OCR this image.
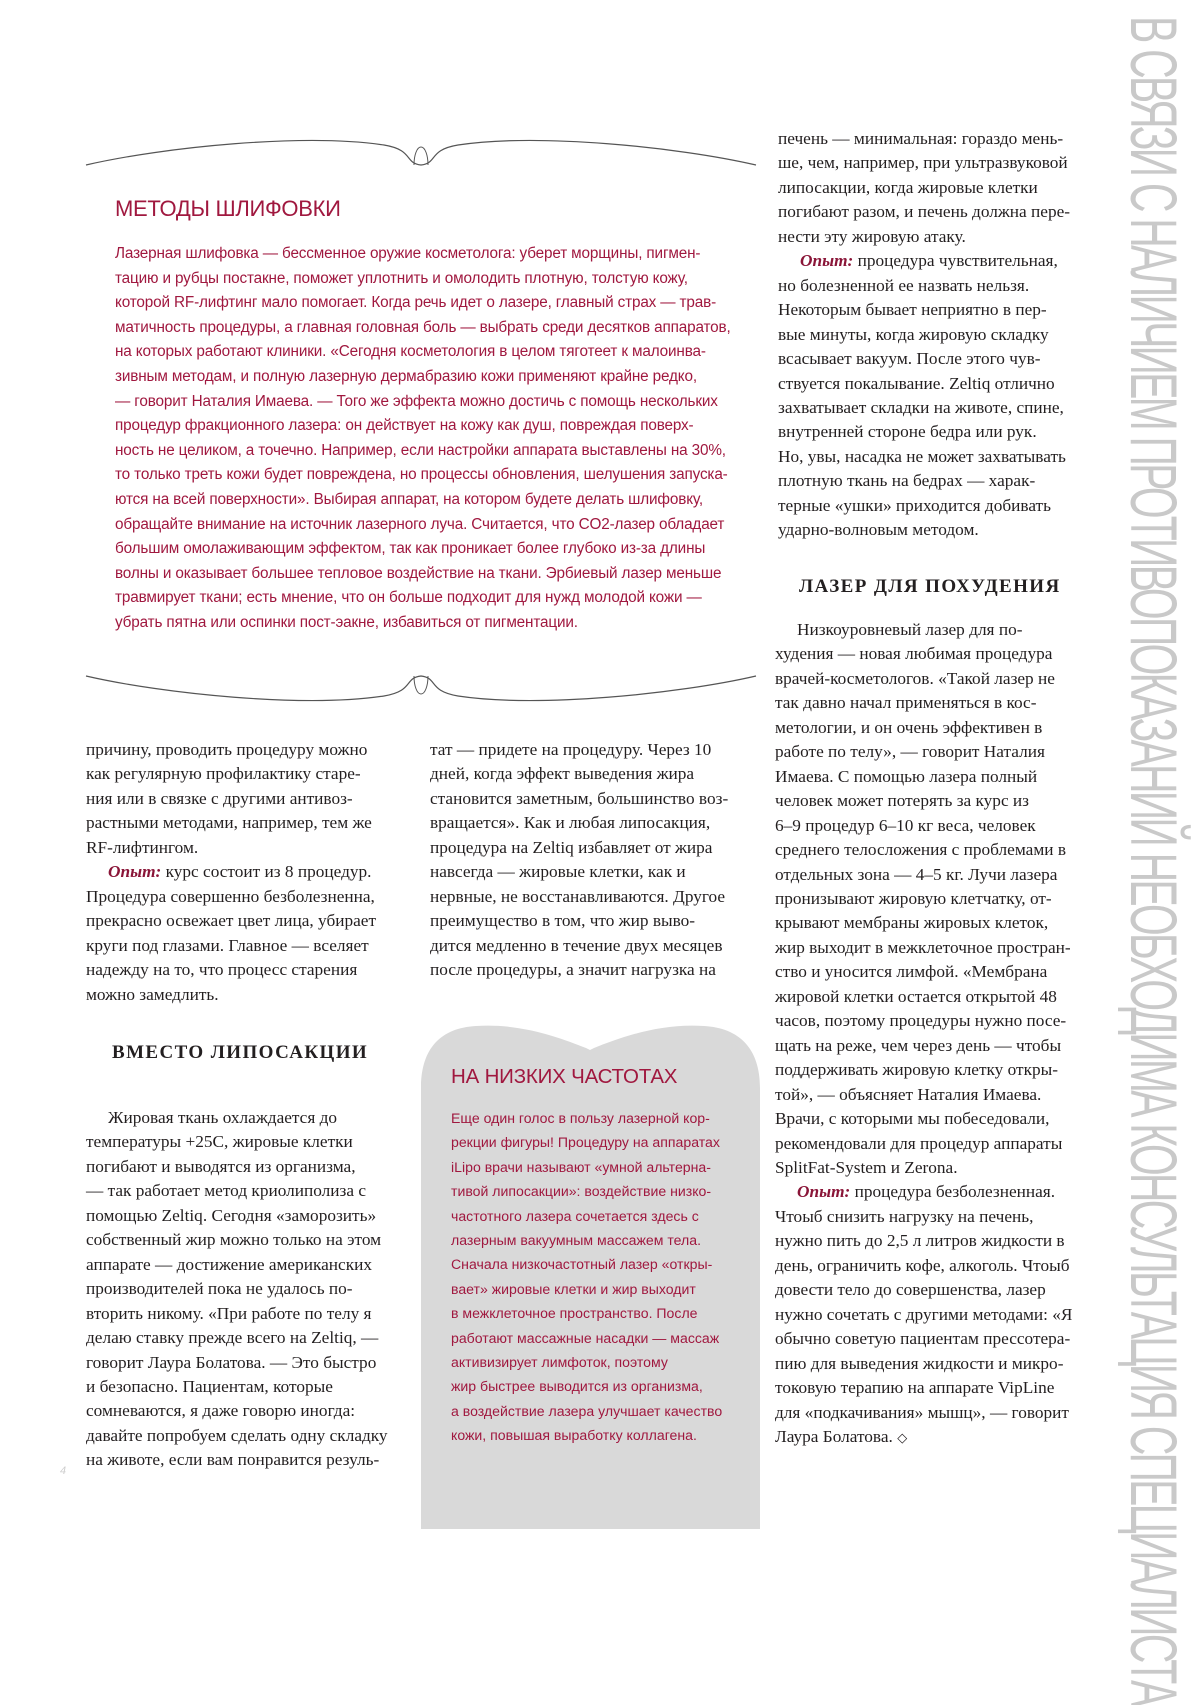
В СВЯЗИ С НАЛИЧИЕМ ПРОТИВОПОКАЗАНИЙ НЕОБХОДИМА КОНСУЛЬТАЦИЯ СПЕЦИАЛИСТА
МЕТОДЫ ШЛИФОВКИ
Лазерная шлифовка — бессменное оружие косметолога: уберет морщины, пигмен-
тацию и рубцы постакне, поможет уплотнить и омолодить плотную, толстую кожу,
которой RF-лифтинг мало помогает. Когда речь идет о лазере, главный страх — трав-
матичность процедуры, а главная головная боль — выбрать среди десятков аппаратов,
на которых работают клиники. «Сегодня косметология в целом тяготеет к малоинва-
зивным методам, и полную лазерную дермабразию кожи применяют крайне редко,
— говорит Наталия Имаева. — Того же эффекта можно достичь с помощь нескольких
процедур фракционного лазера: он действует на кожу как душ, повреждая поверх-
ность не целиком, а точечно. Например, если настройки аппарата выставлены на 30%,
то только треть кожи будет повреждена, но процессы обновления, шелушения запуска-
ются на всей поверхности». Выбирая аппарат, на котором будете делать шлифовку,
обращайте внимание на источник лазерного луча. Считается, что CO2-лазер обладает
большим омолаживающим эффектом, так как проникает более глубоко из-за длины
волны и оказывает большее тепловое воздействие на ткани. Эрбиевый лазер меньше
травмирует ткани; есть мнение, что он больше подходит для нужд молодой кожи —
убрать пятна или оспинки пост-эакне, избавиться от пигментации.
печень — минимальная: гораздо мень-
ше, чем, например, при ультразвуковой
липосакции, когда жировые клетки
погибают разом, и печень должна пере-
нести эту жировую атаку.
Опыт: процедура чувствительная,
но болезненной ее назвать нельзя.
Некоторым бывает неприятно в пер-
вые минуты, когда жировую складку
всасывает вакуум. После этого чув-
ствуется покалывание. Zeltiq отлично
захватывает складки на животе, спине,
внутренней стороне бедра или рук.
Но, увы, насадка не может захватывать
плотную ткань на бедрах — харак-
терные «ушки» приходится добивать
ударно-волновым методом.
ЛАЗЕР ДЛЯ ПОХУДЕНИЯ
Низкоуровневый лазер для по-
худения — новая любимая процедура
врачей-косметологов. «Такой лазер не
так давно начал применяться в кос-
метологии, и он очень эффективен в
работе по телу», — говорит Наталия
Имаева. С помощью лазера полный
человек может потерять за курс из
6–9 процедур 6–10 кг веса, человек
среднего телосложения с проблемами в
отдельных зона — 4–5 кг. Лучи лазера
пронизывают жировую клетчатку, от-
крывают мембраны жировых клеток,
жир выходит в межклеточное простран-
ство и уносится лимфой. «Мембрана
жировой клетки остается открытой 48
часов, поэтому процедуры нужно посе-
щать на реже, чем через день — чтобы
поддерживать жировую клетку откры-
той», — объясняет Наталия Имаева.
Врачи, с которыми мы побеседовали,
рекомендовали для процедур аппараты
SplitFat-System и Zerona.
Опыт: процедура безболезненная.
Чтоыб снизить нагрузку на печень,
нужно пить до 2,5 л литров жидкости в
день, ограничить кофе, алкоголь. Чтоыб
довести тело до совершенства, лазер
нужно сочетать с другими методами: «Я
обычно советую пациентам прессотера-
пию для выведения жидкости и микро-
токовую терапию на аппарате VipLine
для «подкачивания» мышц», — говорит
Лаура Болатова. ◇
причину, проводить процедуру можно
как регулярную профилактику старе-
ния или в связке с другими антивоз-
растными методами, например, тем же
RF-лифтингом.
Опыт: курс состоит из 8 процедур.
Процедура совершенно безболезненна,
прекрасно освежает цвет лица, убирает
круги под глазами. Главное — вселяет
надежду на то, что процесс старения
можно замедлить.
ВМЕСТО ЛИПОСАКЦИИ
Жировая ткань охлаждается до
температуры +25С, жировые клетки
погибают и выводятся из организма,
— так работает метод криолиполиза с
помощью Zeltiq. Сегодня «заморозить»
собственный жир можно только на этом
аппарате — достижение американских
производителей пока не удалось по-
вторить никому. «При работе по телу я
делаю ставку прежде всего на Zeltiq, —
говорит Лаура Болатова. — Это быстро
и безопасно. Пациентам, которые
сомневаются, я даже говорю иногда:
давайте попробуем сделать одну складку
на животе, если вам понравится резуль-
тат — придете на процедуру. Через 10
дней, когда эффект выведения жира
становится заметным, большинство воз-
вращается». Как и любая липосакция,
процедура на Zeltiq избавляет от жира
навсегда — жировые клетки, как и
нервные, не восстанавливаются. Другое
преимущество в том, что жир выво-
дится медленно в течение двух месяцев
после процедуры, а значит нагрузка на
НА НИЗКИХ ЧАСТОТАХ
Еще один голос в пользу лазерной кор-
рекции фигуры! Процедуру на аппаратах
iLipo врачи называют «умной альтерна-
тивой липосакции»: воздействие низко-
частотного лазера сочетается здесь с
лазерным вакуумным массажем тела.
Сначала низкочастотный лазер «откры-
вает» жировые клетки и жир выходит
в межклеточное пространство. После
работают массажные насадки — массаж
активизирует лимфоток, поэтому
жир быстрее выводится из организма,
а воздействие лазера улучшает качество
кожи, повышая выработку коллагена.
4
